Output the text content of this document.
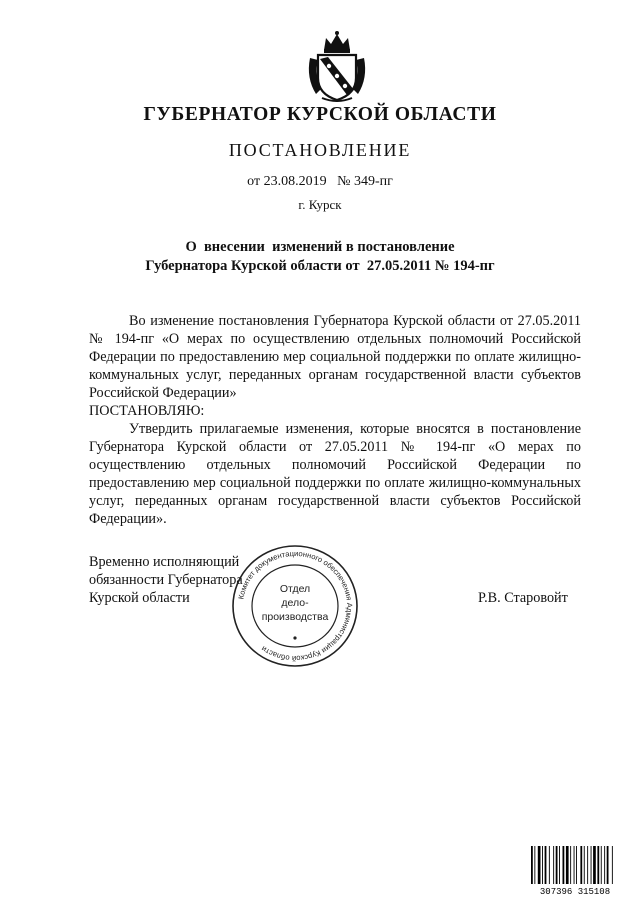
ГУБЕРНАТОР КУРСКОЙ ОБЛАСТИ
ПОСТАНОВЛЕНИЕ
от 23.08.2019   № 349-пг
г. Курск
О  внесении  изменений в постановление
Губернатора Курской области от  27.05.2011 № 194-пг
Во изменение постановления Губернатора Курской области от 27.05.2011 № 194-пг «О мерах по осуществлению отдельных полномочий Российской Федерации по предоставлению мер социальной поддержки по оплате жилищно-коммунальных услуг, переданных органам государственной власти субъектов Российской Федерации»
ПОСТАНОВЛЯЮ:
Утвердить прилагаемые изменения, которые вносятся в постановление Губернатора Курской области от 27.05.2011 № 194-пг «О мерах по осуществлению отдельных полномочий Российской Федерации по предоставлению мер социальной поддержки по оплате жилищно-коммунальных услуг, переданных органам государственной власти субъектов Российской Федерации».
Временно исполняющий
обязанности Губернатора
Курской области	Р.В. Старовойт
Комитет документационного обеспечения Администрации Курской области
Отдел
дело-
производства
307396 315108
